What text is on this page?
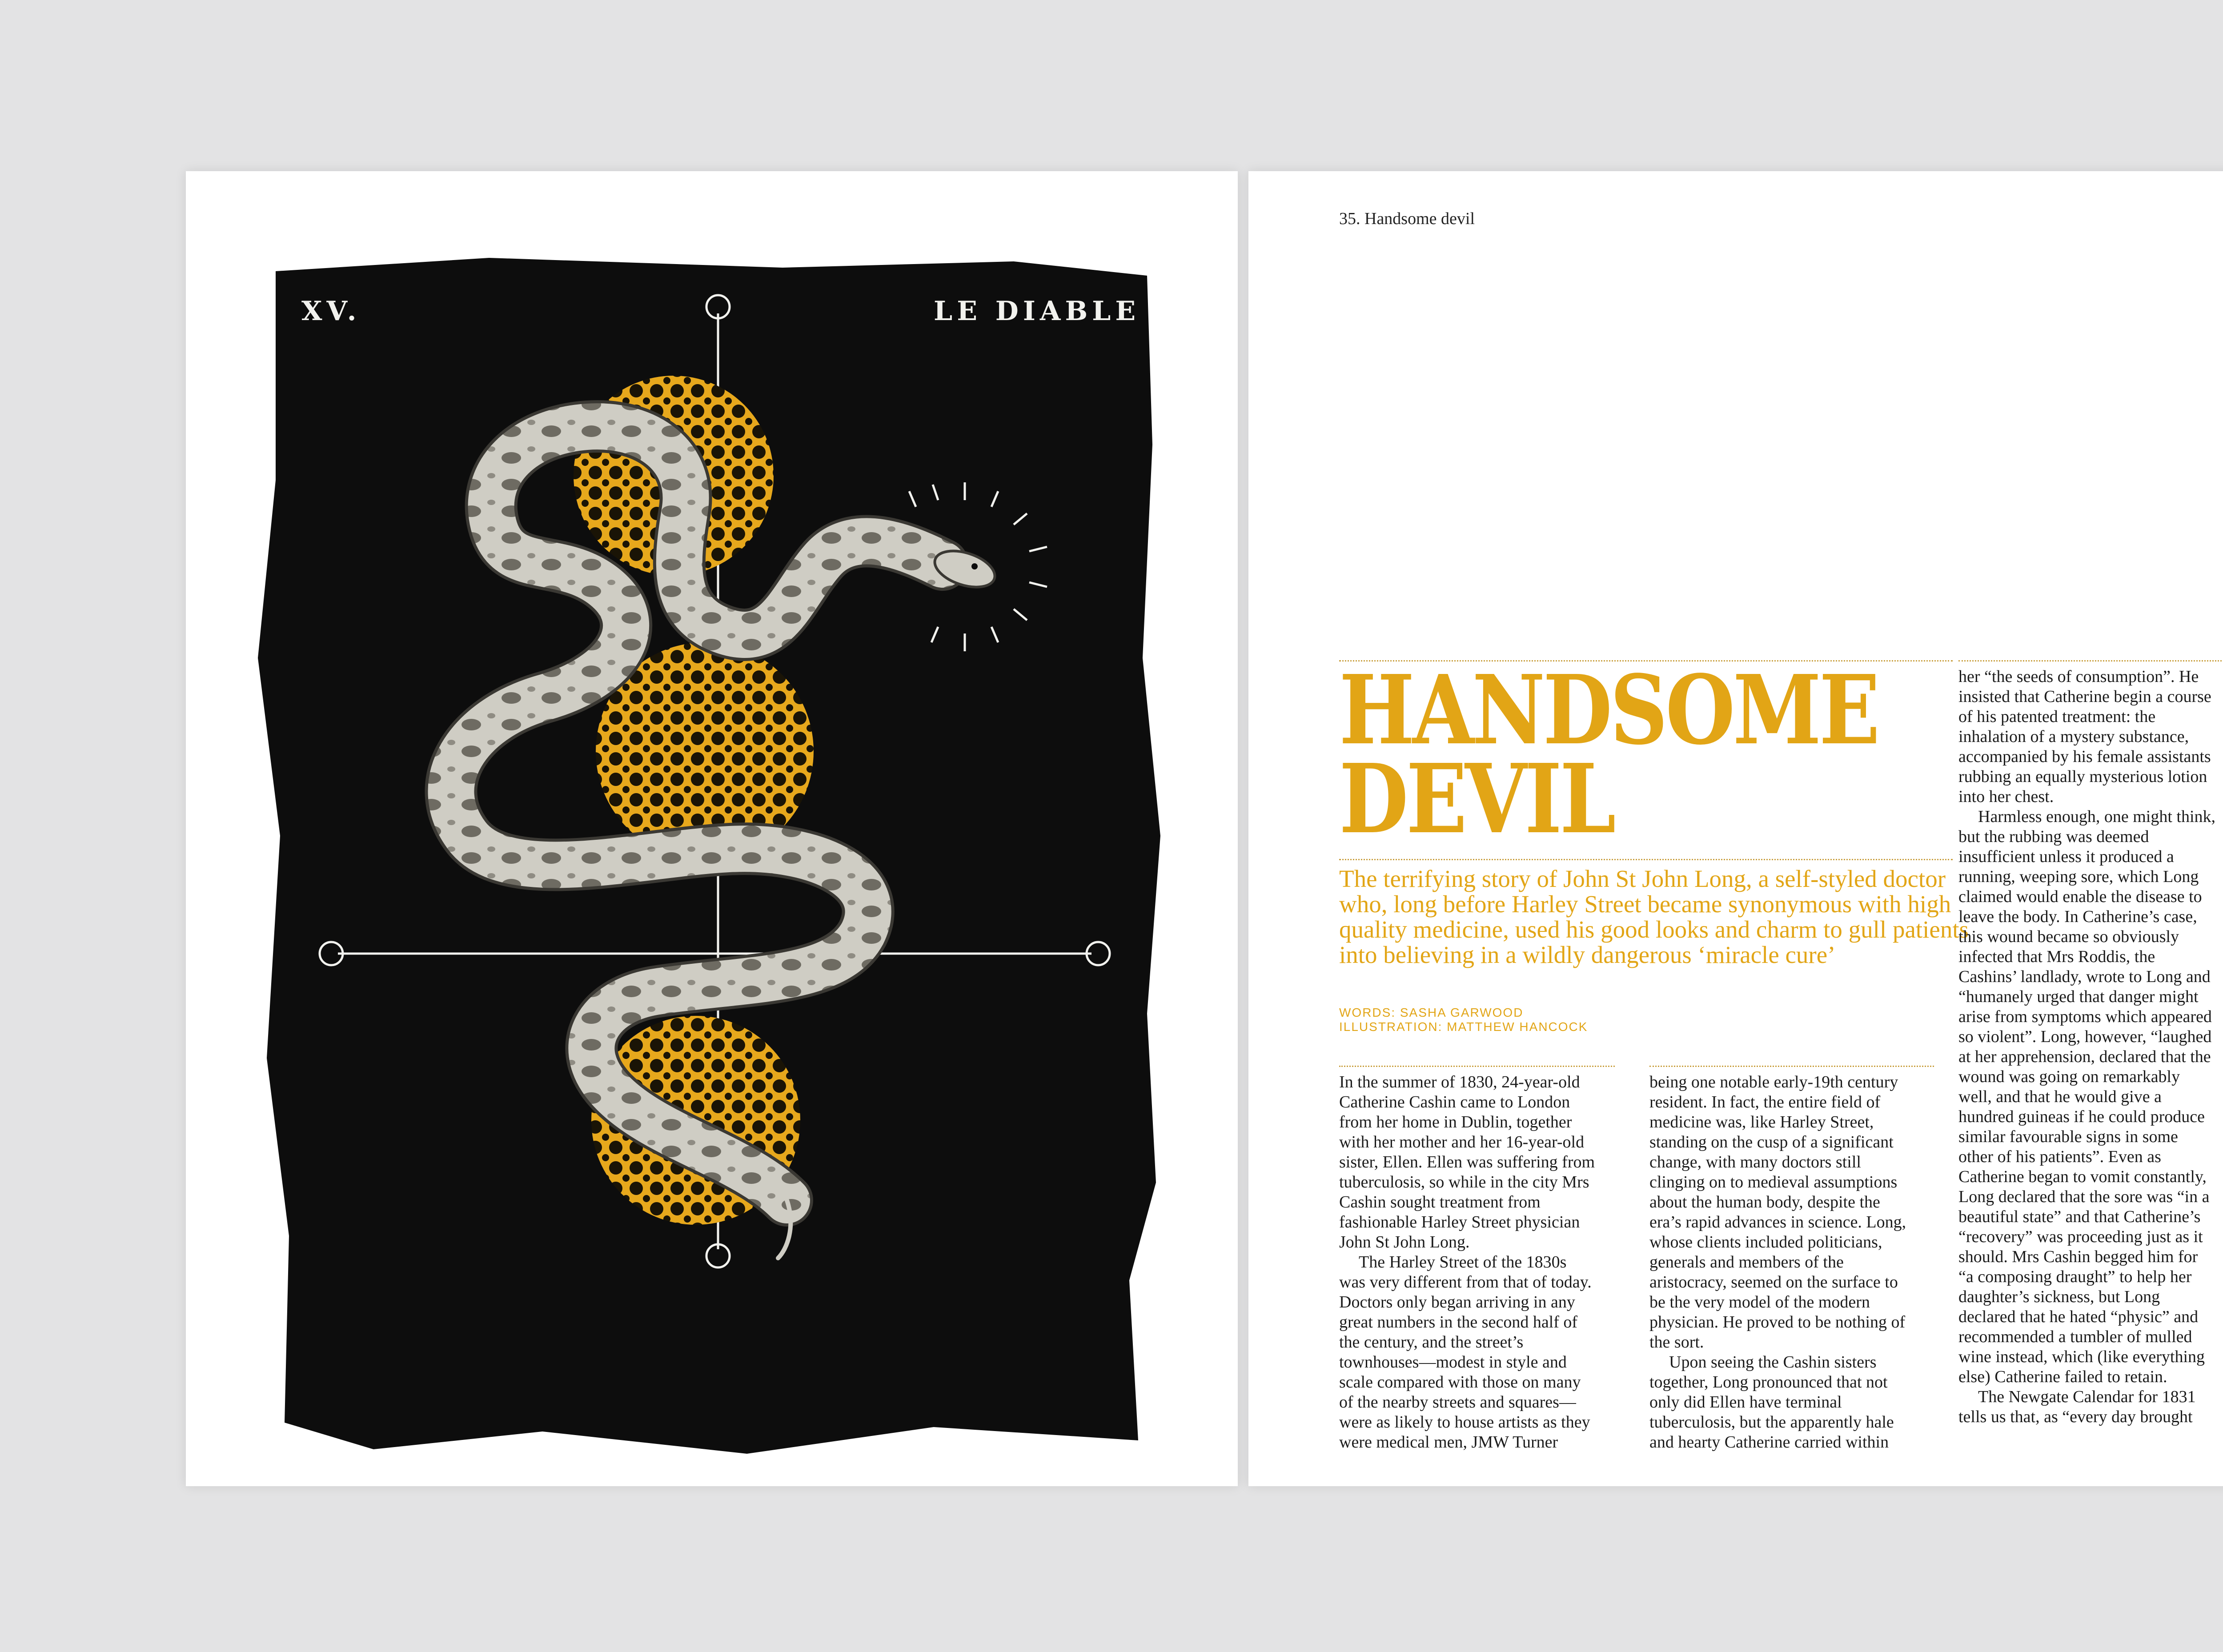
XV.	LE DIABLE
35. Handsome devil
HANDSOME
DEVIL

The terrifying story of John St John Long, a self-styled doctor who, long before Harley Street became synonymous with high quality medicine, used his good looks and charm to gull patients into believing in a wildly dangerous ‘miracle cure’

WORDS: SASHA GARWOOD
ILLUSTRATION: MATTHEW HANCOCK

In the summer of 1830, 24-year-old Catherine Cashin came to London from her home in Dublin, together with her mother and her 16-year-old sister, Ellen. Ellen was suffering from tuberculosis, so while in the city Mrs Cashin sought treatment from fashionable Harley Street physician John St John Long.

The Harley Street of the 1830s was very different from that of today. Doctors only began arriving in any great numbers in the second half of the century, and the street’s townhouses—modest in style and scale compared with those on many of the nearby streets and squares—were as likely to house artists as they were medical men, JMW Turner

being one notable early-19th century resident. In fact, the entire field of medicine was, like Harley Street, standing on the cusp of a significant change, with many doctors still clinging on to medieval assumptions about the human body, despite the era’s rapid advances in science. Long, whose clients included politicians, generals and members of the aristocracy, seemed on the surface to be the very model of the modern physician. He proved to be nothing of the sort.

Upon seeing the Cashin sisters together, Long pronounced that not only did Ellen have terminal tuberculosis, but the apparently hale and hearty Catherine carried within

her “the seeds of consumption”. He insisted that Catherine begin a course of his patented treatment: the inhalation of a mystery substance, accompanied by his female assistants rubbing an equally mysterious lotion into her chest.

Harmless enough, one might think, but the rubbing was deemed insufficient unless it produced a running, weeping sore, which Long claimed would enable the disease to leave the body. In Catherine’s case, this wound became so obviously infected that Mrs Roddis, the Cashins’ landlady, wrote to Long and “humanely urged that danger might arise from symptoms which appeared so violent”. Long, however, “laughed at her apprehension, declared that the wound was going on remarkably well, and that he would give a hundred guineas if he could produce similar favourable signs in some other of his patients”. Even as Catherine began to vomit constantly, Long declared that the sore was “in a beautiful state” and that Catherine’s “recovery” was proceeding just as it should. Mrs Cashin begged him for “a composing draught” to help her daughter’s sickness, but Long declared that he hated “physic” and recommended a tumbler of mulled wine instead, which (like everything else) Catherine failed to retain.

The Newgate Calendar for 1831 tells us that, as “every day brought
